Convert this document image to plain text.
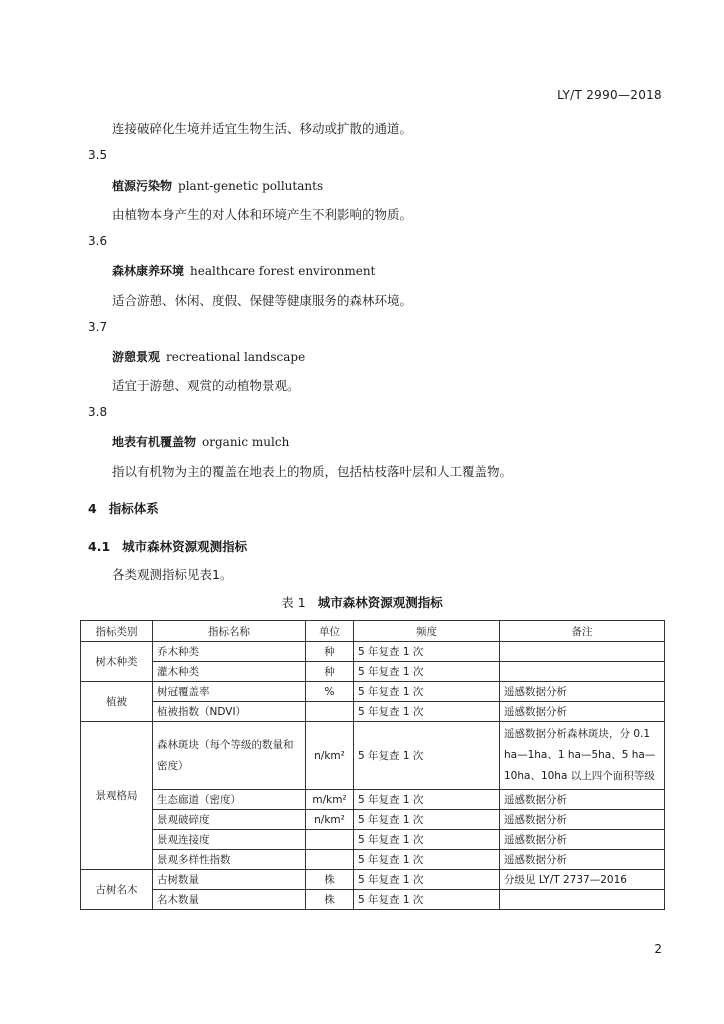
LY/T 2990—2018
连接破碎化生境并适宜生物生活、移动或扩散的通道。
3.5
植源污染物 plant-genetic pollutants
由植物本身产生的对人体和环境产生不利影响的物质。
3.6
森林康养环境 healthcare forest environment
适合游憩、休闲、度假、保健等健康服务的森林环境。
3.7
游憩景观 recreational landscape
适宜于游憩、观赏的动植物景观。
3.8
地表有机覆盖物 organic mulch
指以有机物为主的覆盖在地表上的物质，包括枯枝落叶层和人工覆盖物。
4 指标体系
4.1 城市森林资源观测指标
各类观测指标见表1。
表 1 城市森林资源观测指标
指标类别	指标名称	单位	频度	备注
树木种类	乔木种类	种	5 年复查 1 次	
	灌木种类	种	5 年复查 1 次	
植被	树冠覆盖率	%	5 年复查 1 次	遥感数据分析
	植被指数（NDVI）		5 年复查 1 次	遥感数据分析
景观格局	森林斑块（每个等级的数量和密度）	n/km²	5 年复查 1 次	遥感数据分析森林斑块，分 0.1 ha—1ha、1 ha—5ha、5 ha—10ha、10ha 以上四个面积等级
	生态廊道（密度）	m/km²	5 年复查 1 次	遥感数据分析
	景观破碎度	n/km²	5 年复查 1 次	遥感数据分析
	景观连接度		5 年复查 1 次	遥感数据分析
	景观多样性指数		5 年复查 1 次	遥感数据分析
古树名木	古树数量	株	5 年复查 1 次	分级见 LY/T 2737—2016
	名木数量	株	5 年复查 1 次	
2
